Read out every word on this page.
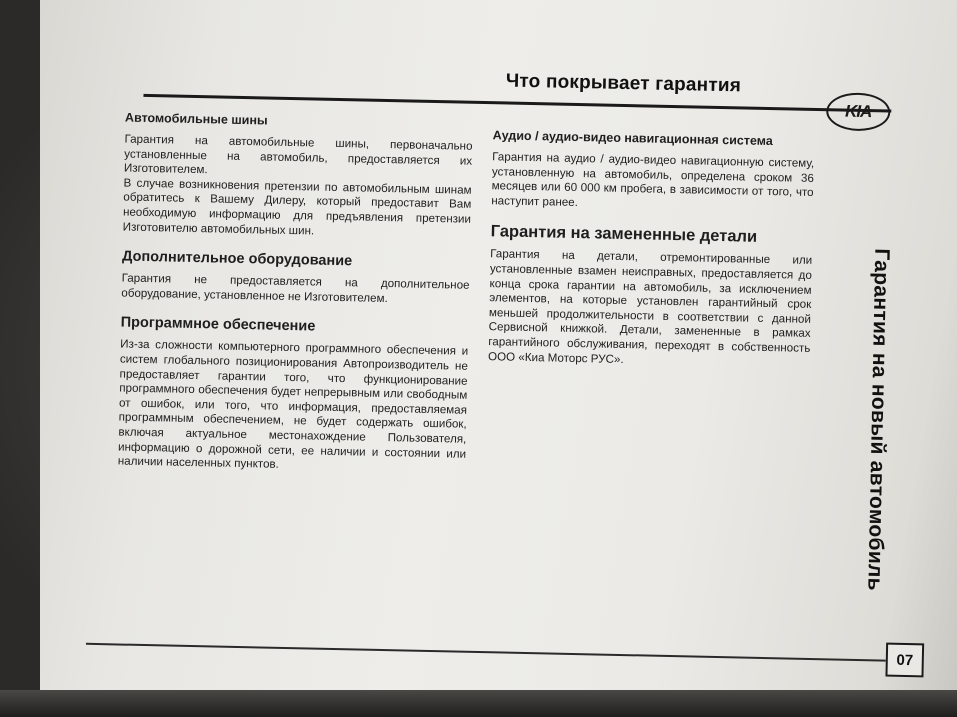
Что покрывает гарантия
KIA
Автомобильные шины

Гарантия на автомобильные шины, первоначально установленные на автомобиль, предоставляется их Изготовителем.

В случае возникновения претензии по автомобильным шинам обратитесь к Вашему Дилеру, который предоставит Вам необходимую информацию для предъявления претензии Изготовителю автомобильных шин.

Дополнительное оборудование

Гарантия не предоставляется на дополнительное оборудование, установленное не Изготовителем.

Программное обеспечение

Из-за сложности компьютерного программного обеспечения и систем глобального позиционирования Автопроизводитель не предоставляет гарантии того, что функционирование программного обеспечения будет непрерывным или свободным от ошибок, или того, что информация, предоставляемая программным обеспечением, не будет содержать ошибок, включая актуальное местонахождение Пользователя, информацию о дорожной сети, ее наличии и состоянии или наличии населенных пунктов.

Аудио / аудио-видео навигационная система

Гарантия на аудио / аудио-видео навигационную систему, установленную на автомобиль, определена сроком 36 месяцев или 60 000 км пробега, в зависимости от того, что наступит ранее.

Гарантия на замененные детали

Гарантия на детали, отремонтированные или установленные взамен неисправных, предоставляется до конца срока гарантии на автомобиль, за исключением элементов, на которые установлен гарантийный срок меньшей продолжительности в соответствии с данной Сервисной книжкой. Детали, замененные в рамках гарантийного обслуживания, переходят в собственность ООО «Киа Моторс РУС».	Гарантия на новый автомобиль
07
